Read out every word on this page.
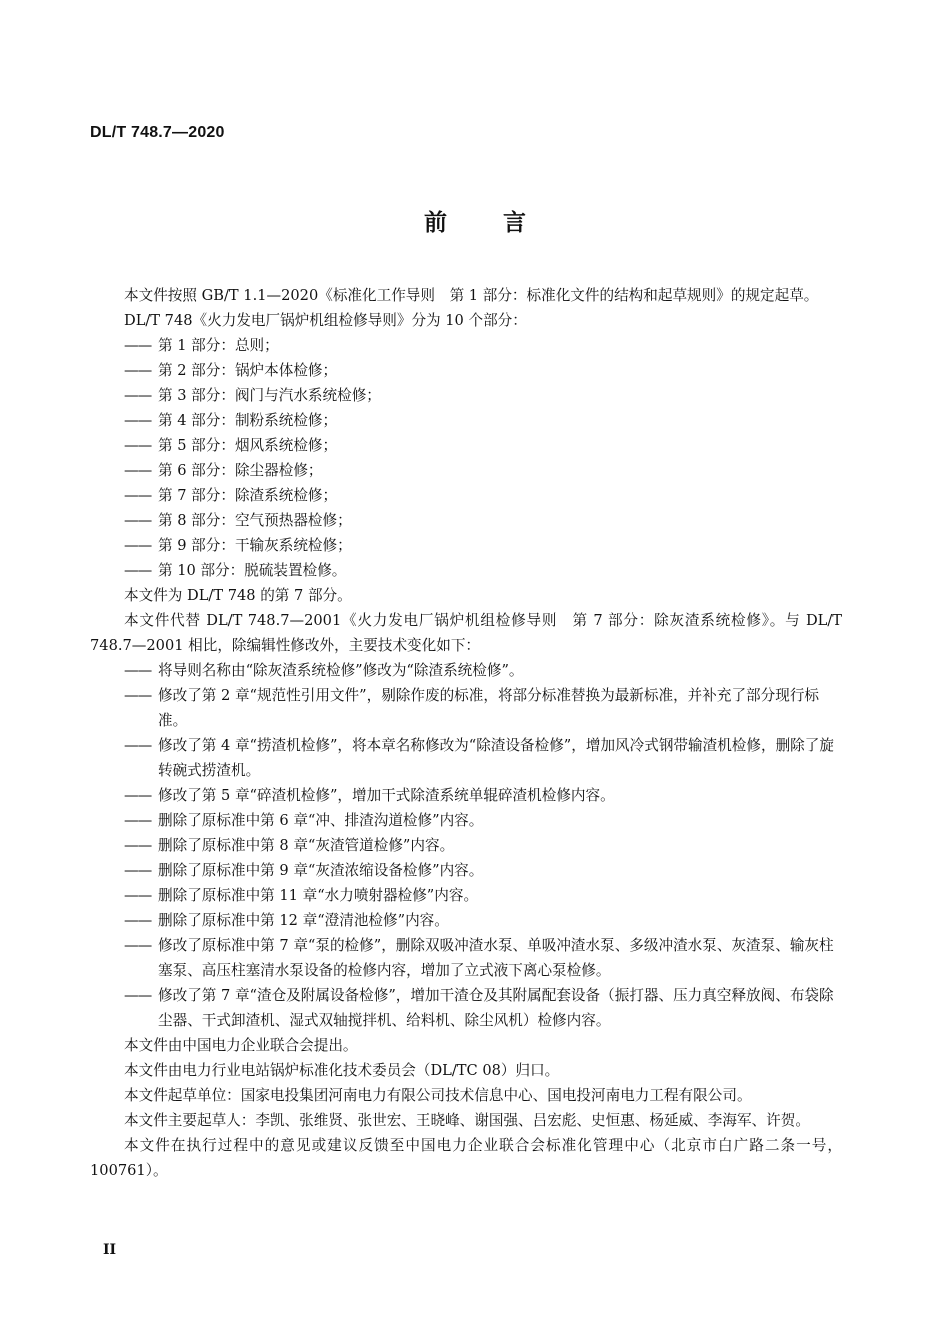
DL/T 748.7—2020
前 言

本文件按照 GB/T 1.1—2020《标准化工作导则　第 1 部分：标准化文件的结构和起草规则》的规定起草。

DL/T 748《火力发电厂锅炉机组检修导则》分为 10 个部分：

—— 第 1 部分：总则；

—— 第 2 部分：锅炉本体检修；

—— 第 3 部分：阀门与汽水系统检修；

—— 第 4 部分：制粉系统检修；

—— 第 5 部分：烟风系统检修；

—— 第 6 部分：除尘器检修；

—— 第 7 部分：除渣系统检修；

—— 第 8 部分：空气预热器检修；

—— 第 9 部分：干输灰系统检修；

—— 第 10 部分：脱硫装置检修。

本文件为 DL/T 748 的第 7 部分。

本文件代替 DL/T 748.7—2001《火力发电厂锅炉机组检修导则　第 7 部分：除灰渣系统检修》。与 DL/T 748.7—2001 相比，除编辑性修改外，主要技术变化如下：

—— 将导则名称由“除灰渣系统检修”修改为“除渣系统检修”。

—— 修改了第 2 章“规范性引用文件”，剔除作废的标准，将部分标准替换为最新标准，并补充了部分现行标准。

—— 修改了第 4 章“捞渣机检修”，将本章名称修改为“除渣设备检修”，增加风冷式钢带输渣机检修，删除了旋转碗式捞渣机。

—— 修改了第 5 章“碎渣机检修”，增加干式除渣系统单辊碎渣机检修内容。

—— 删除了原标准中第 6 章“冲、排渣沟道检修”内容。

—— 删除了原标准中第 8 章“灰渣管道检修”内容。

—— 删除了原标准中第 9 章“灰渣浓缩设备检修”内容。

—— 删除了原标准中第 11 章“水力喷射器检修”内容。

—— 删除了原标准中第 12 章“澄清池检修”内容。

—— 修改了原标准中第 7 章“泵的检修”，删除双吸冲渣水泵、单吸冲渣水泵、多级冲渣水泵、灰渣泵、输灰柱塞泵、高压柱塞清水泵设备的检修内容，增加了立式液下离心泵检修。

—— 修改了第 7 章“渣仓及附属设备检修”，增加干渣仓及其附属配套设备（振打器、压力真空释放阀、布袋除尘器、干式卸渣机、湿式双轴搅拌机、给料机、除尘风机）检修内容。

本文件由中国电力企业联合会提出。

本文件由电力行业电站锅炉标准化技术委员会（DL/TC 08）归口。

本文件起草单位：国家电投集团河南电力有限公司技术信息中心、国电投河南电力工程有限公司。

本文件主要起草人：李凯、张维贤、张世宏、王晓峰、谢国强、吕宏彪、史恒惠、杨延威、李海军、许贺。

本文件在执行过程中的意见或建议反馈至中国电力企业联合会标准化管理中心（北京市白广路二条一号，100761）。

II
